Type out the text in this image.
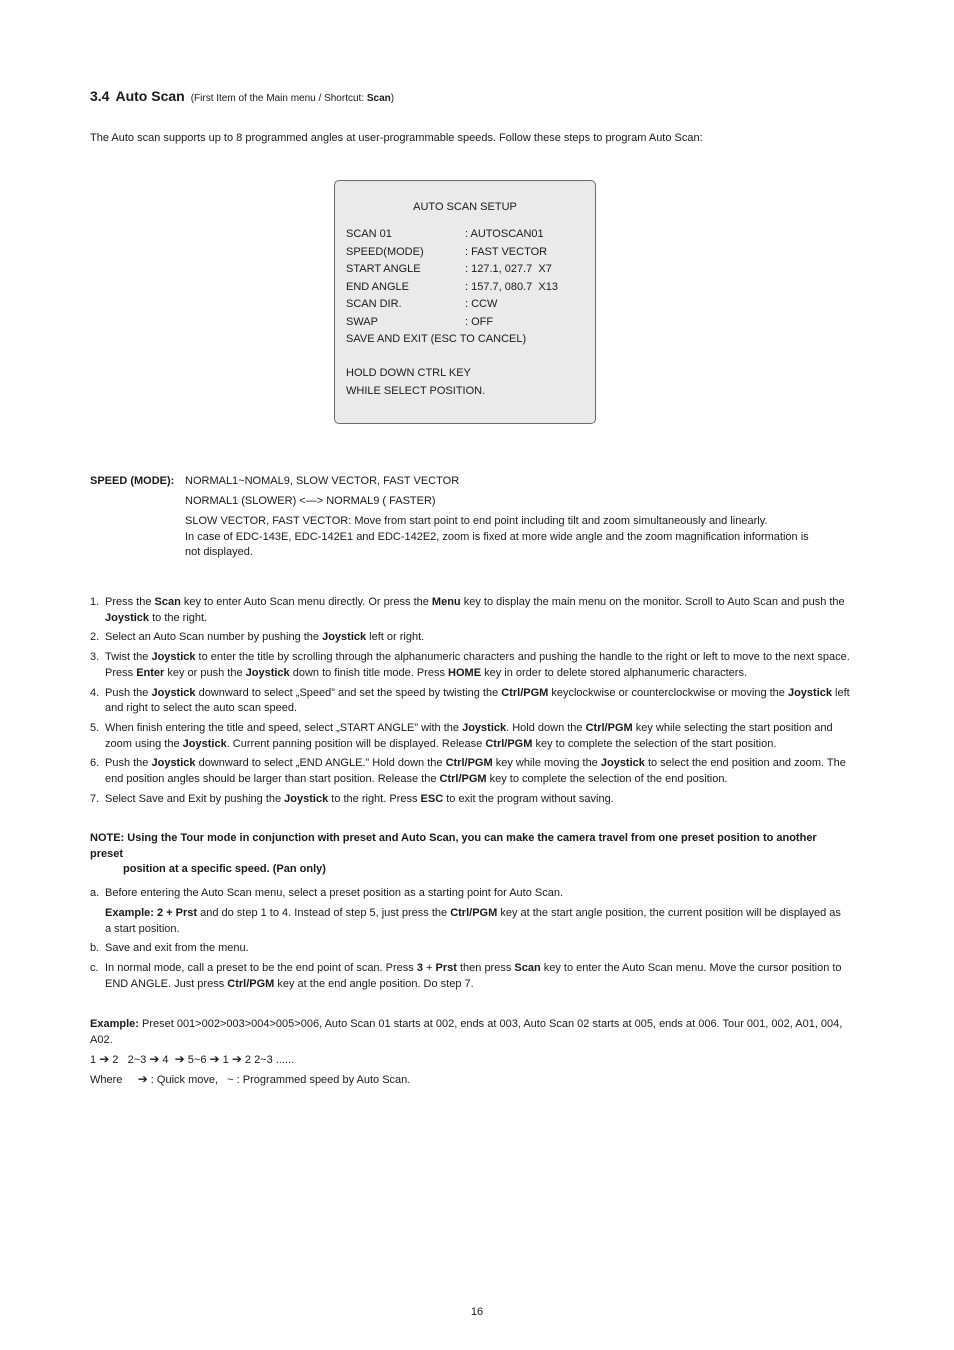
3.4 Auto Scan (First Item of the Main menu / Shortcut: Scan)
The Auto scan supports up to 8 programmed angles at user-programmable speeds. Follow these steps to program Auto Scan:
AUTO SCAN SETUP
SCAN 01	: AUTOSCAN01
SPEED(MODE)	: FAST VECTOR
START ANGLE	: 127.1, 027.7  X7
END ANGLE	: 157.7, 080.7  X13
SCAN DIR.	: CCW
SWAP	: OFF
SAVE AND EXIT (ESC TO CANCEL)
HOLD DOWN CTRL KEY
WHILE SELECT POSITION.
SPEED (MODE): NORMAL1~NOMAL9, SLOW VECTOR, FAST VECTOR

NORMAL1 (SLOWER) <—> NORMAL9 ( FASTER)

SLOW VECTOR, FAST VECTOR: Move from start point to end point including tilt and zoom simultaneously and linearly.

In case of EDC-143E, EDC-142E1 and EDC-142E2, zoom is fixed at more wide angle and the zoom magnification information is not displayed.

1. Press the Scan key to enter Auto Scan menu directly. Or press the Menu key to display the main menu on the monitor. Scroll to Auto Scan and push the Joystick to the right.
2. Select an Auto Scan number by pushing the Joystick left or right.
3. Twist the Joystick to enter the title by scrolling through the alphanumeric characters and pushing the handle to the right or left to move to the next space. Press Enter key or push the Joystick down to finish title mode. Press HOME key in order to delete stored alphanumeric characters.
4. Push the Joystick downward to select „Speed” and set the speed by twisting the Ctrl/PGM keyclockwise or counterclockwise or moving the Joystick left and right to select the auto scan speed.
5. When finish entering the title and speed, select „START ANGLE” with the Joystick. Hold down the Ctrl/PGM key while selecting the start position and zoom using the Joystick. Current panning position will be displayed. Release Ctrl/PGM key to complete the selection of the start position.
6. Push the Joystick downward to select „END ANGLE.” Hold down the Ctrl/PGM key while moving the Joystick to select the end position and zoom. The end position angles should be larger than start position. Release the Ctrl/PGM key to complete the selection of the end position.
7. Select Save and Exit by pushing the Joystick to the right. Press ESC to exit the program without saving.
NOTE: Using the Tour mode in conjunction with preset and Auto Scan, you can make the camera travel from one preset position to another preset
position at a specific speed. (Pan only)
a. Before entering the Auto Scan menu, select a preset position as a starting point for Auto Scan.
Example: 2 + Prst and do step 1 to 4. Instead of step 5, just press the Ctrl/PGM key at the start angle position, the current position will be displayed as a start position.
b. Save and exit from the menu.
c. In normal mode, call a preset to be the end point of scan. Press 3 + Prst then press Scan key to enter the Auto Scan menu. Move the cursor position to END ANGLE. Just press Ctrl/PGM key at the end angle position. Do step 7.
Example: Preset 001>002>003>004>005>006, Auto Scan 01 starts at 002, ends at 003, Auto Scan 02 starts at 005, ends at 006. Tour 001, 002, A01, 004, A02.
1 ➔ 2   2~3 ➔ 4  ➔ 5~6 ➔ 1 ➔ 2 2~3 ......
Where ➔ : Quick move,   ~ : Programmed speed by Auto Scan.
16
